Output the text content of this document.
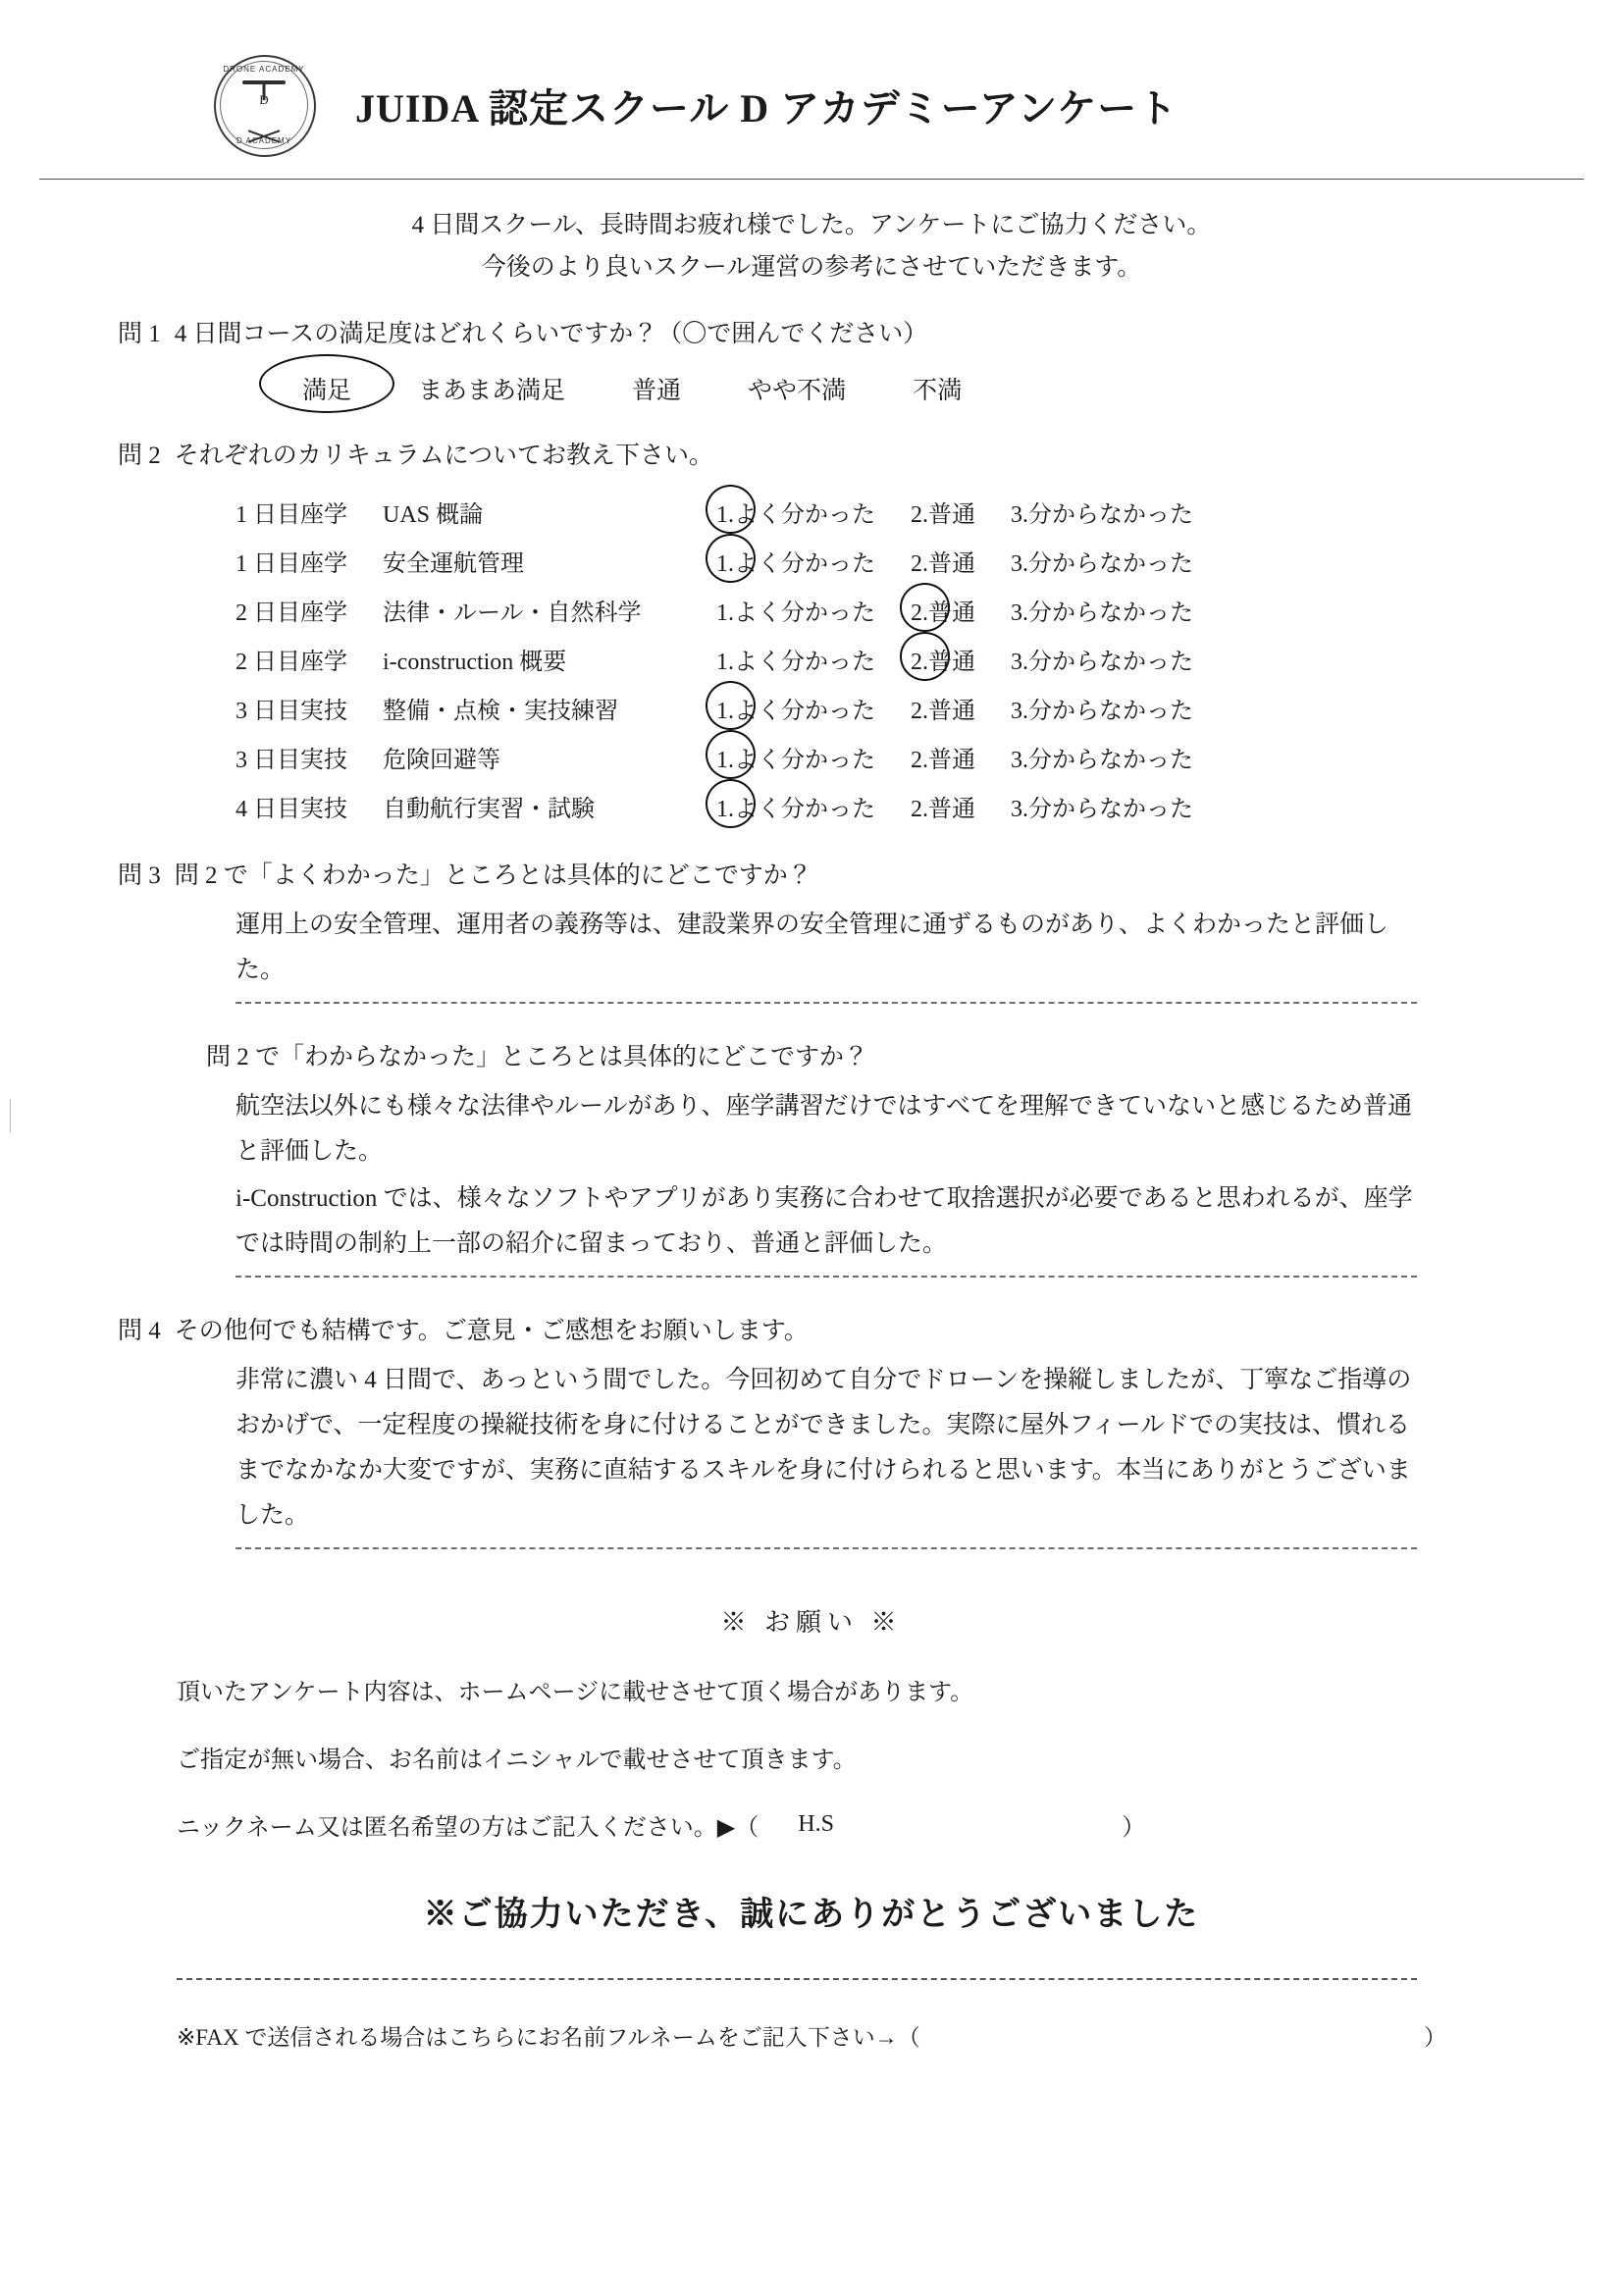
DRONE ACADEMY
D
D ACADEMY
JUIDA 認定スクール D アカデミーアンケート
4 日間スクール、長時間お疲れ様でした。アンケートにご協力ください。
今後のより良いスクール運営の参考にさせていただきます。
問 1 4 日間コースの満足度はどれくらいですか？（〇で囲んでください）
満足	まあまあ満足	普通	やや不満	不満
問 2 それぞれのカリキュラムについてお教え下さい。
1 日目座学	UAS 概論	1.よく分かった 2.普通 3.分からなかった
1 日目座学	安全運航管理	1.よく分かった 2.普通 3.分からなかった
2 日目座学	法律・ルール・自然科学	1.よく分かった 2.普通 3.分からなかった
2 日目座学	i-construction 概要	1.よく分かった 2.普通 3.分からなかった
3 日目実技	整備・点検・実技練習	1.よく分かった 2.普通 3.分からなかった
3 日目実技	危険回避等	1.よく分かった 2.普通 3.分からなかった
4 日目実技	自動航行実習・試験	1.よく分かった 2.普通 3.分からなかった
問 3 問 2 で「よくわかった」ところとは具体的にどこですか？
運用上の安全管理、運用者の義務等は、建設業界の安全管理に通ずるものがあり、よくわかったと評価した。
問 2 で「わからなかった」ところとは具体的にどこですか？
航空法以外にも様々な法律やルールがあり、座学講習だけではすべてを理解できていないと感じるため普通と評価した。
i-Construction では、様々なソフトやアプリがあり実務に合わせて取捨選択が必要であると思われるが、座学では時間の制約上一部の紹介に留まっており、普通と評価した。
問 4 その他何でも結構です。ご意見・ご感想をお願いします。
非常に濃い 4 日間で、あっという間でした。今回初めて自分でドローンを操縦しましたが、丁寧なご指導のおかげで、一定程度の操縦技術を身に付けることができました。実際に屋外フィールドでの実技は、慣れるまでなかなか大変ですが、実務に直結するスキルを身に付けられると思います。本当にありがとうございました。
※ お願い ※
頂いたアンケート内容は、ホームページに載せさせて頂く場合があります。
ご指定が無い場合、お名前はイニシャルで載せさせて頂きます。
ニックネーム又は匿名希望の方はご記入ください。▶（	H.S	）
※ご協力いただき、誠にありがとうございました
※FAX で送信される場合はこちらにお名前フルネームをご記入下さい→（	）
